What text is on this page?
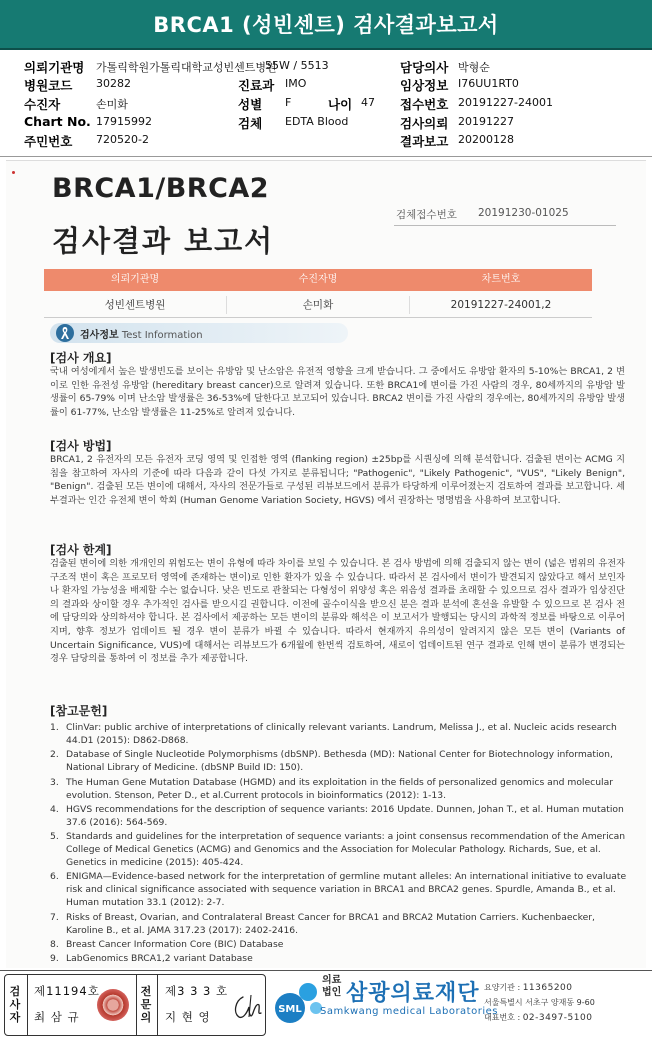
BRCA1 (성빈센트) 검사결과보고서
의뢰기관명 가톨릭학원가톨릭대학교성빈센트병원
55W / 5513
병원코드 30282
수진자	손미화
Chart No. 17915992
주민번호 720520-2
진료과 IMO
성별 F	나이 47
검체 EDTA Blood
담당의사 박형순
임상정보 I76UU1RT0
접수번호 20191227-24001
검사의뢰 20191227
결과보고 20200128
BRCA1/BRCA2
검사결과 보고서
검체접수번호 20191230-01025
의뢰기관명	수진자명	차트번호
성빈센트병원	손미화	20191227-24001,2
검사정보 Test Information
[검사 개요]
국내 여성에게서 높은 발생빈도를 보이는 유방암 및 난소암은 유전적 영향을 크게 받습니다. 그 중에서도 유방암 환자의 5-10%는 BRCA1, 2 변이로 인한 유전성 유방암 (hereditary breast cancer)으로 알려져 있습니다. 또한 BRCA1에 변이를 가진 사람의 경우, 80세까지의 유방암 발생률이 65-79% 이며 난소암 발생률은 36-53%에 달한다고 보고되어 있습니다. BRCA2 변이를 가진 사람의 경우에는, 80세까지의 유방암 발생률이 61-77%, 난소암 발생률은 11-25%로 알려져 있습니다.
[검사 방법]
BRCA1, 2 유전자의 모든 유전자 코딩 영역 및 인접한 영역 (flanking region) ±25bp를 시퀀싱에 의해 분석합니다. 검출된 변이는 ACMG 지침을 참고하여 자사의 기준에 따라 다음과 같이 다섯 가지로 분류됩니다; "Pathogenic", "Likely Pathogenic", "VUS", "Likely Benign", "Benign". 검출된 모든 변이에 대해서, 자사의 전문가들로 구성된 리뷰보드에서 분류가 타당하게 이루어졌는지 검토하여 결과를 보고합니다. 세부결과는 인간 유전체 변이 학회 (Human Genome Variation Society, HGVS) 에서 권장하는 명명법을 사용하여 보고합니다.
[검사 한계]
검출된 변이에 의한 개개인의 위험도는 변이 유형에 따라 차이를 보일 수 있습니다. 본 검사 방법에 의해 검출되지 않는 변이 (넓은 범위의 유전자 구조적 변이 혹은 프로모터 영역에 존재하는 변이)로 인한 환자가 있을 수 있습니다. 따라서 본 검사에서 변이가 발견되지 않았다고 해서 보인자나 환자일 가능성을 배제할 수는 없습니다. 낮은 빈도로 관찰되는 다형성이 위양성 혹은 위음성 결과를 초래할 수 있으므로 검사 결과가 임상진단의 결과와 상이할 경우 추가적인 검사를 받으시길 권합니다. 이전에 골수이식을 받으신 분은 결과 분석에 혼선을 유발할 수 있으므로 본 검사 전에 담당의와 상의하셔야 합니다. 본 검사에서 제공하는 모든 변이의 분류와 해석은 이 보고서가 발행되는 당시의 과학적 정보를 바탕으로 이루어지며, 향후 정보가 업데이트 될 경우 변이 분류가 바뀔 수 있습니다. 따라서 현재까지 유의성이 알려지지 않은 모든 변이 (Variants of Uncertain Significance, VUS)에 대해서는 리뷰보드가 6개월에 한번씩 검토하여, 새로이 업데이트된 연구 결과로 인해 변이 분류가 변경되는 경우 담당의를 통하여 이 정보를 추가 제공합니다.
[참고문헌]
1. ClinVar: public archive of interpretations of clinically relevant variants. Landrum, Melissa J., et al. Nucleic acids research 44.D1 (2015): D862-D868.
2. Database of Single Nucleotide Polymorphisms (dbSNP). Bethesda (MD): National Center for Biotechnology information, National Library of Medicine. (dbSNP Build ID: 150).
3. The Human Gene Mutation Database (HGMD) and its exploitation in the fields of personalized genomics and molecular evolution. Stenson, Peter D., et al.Current protocols in bioinformatics (2012): 1-13.
4. HGVS recommendations for the description of sequence variants: 2016 Update. Dunnen, Johan T., et al. Human mutation 37.6 (2016): 564-569.
5. Standards and guidelines for the interpretation of sequence variants: a joint consensus recommendation of the American College of Medical Genetics (ACMG) and Genomics and the Association for Molecular Pathology. Richards, Sue, et al. Genetics in medicine (2015): 405-424.
6. ENIGMA—Evidence-based network for the interpretation of germline mutant alleles: An international initiative to evaluate risk and clinical significance associated with sequence variation in BRCA1 and BRCA2 genes. Spurdle, Amanda B., et al. Human mutation 33.1 (2012): 2-7.
7. Risks of Breast, Ovarian, and Contralateral Breast Cancer for BRCA1 and BRCA2 Mutation Carriers. Kuchenbaecker, Karoline B., et al. JAMA 317.23 (2017): 2402-2416.
8. Breast Cancer Information Core (BIC) Database
9. LabGenomics BRCA1,2 variant Database
검사자
제11194호
최 삼 규
전문의
제3 3 3 호
지 현 영
SML
의료법인 삼광의료재단
Samkwang medical Laboratories
요양기관 : 11365200
서울특별시 서초구 양재동 9-60
대표번호 : 02-3497-5100
